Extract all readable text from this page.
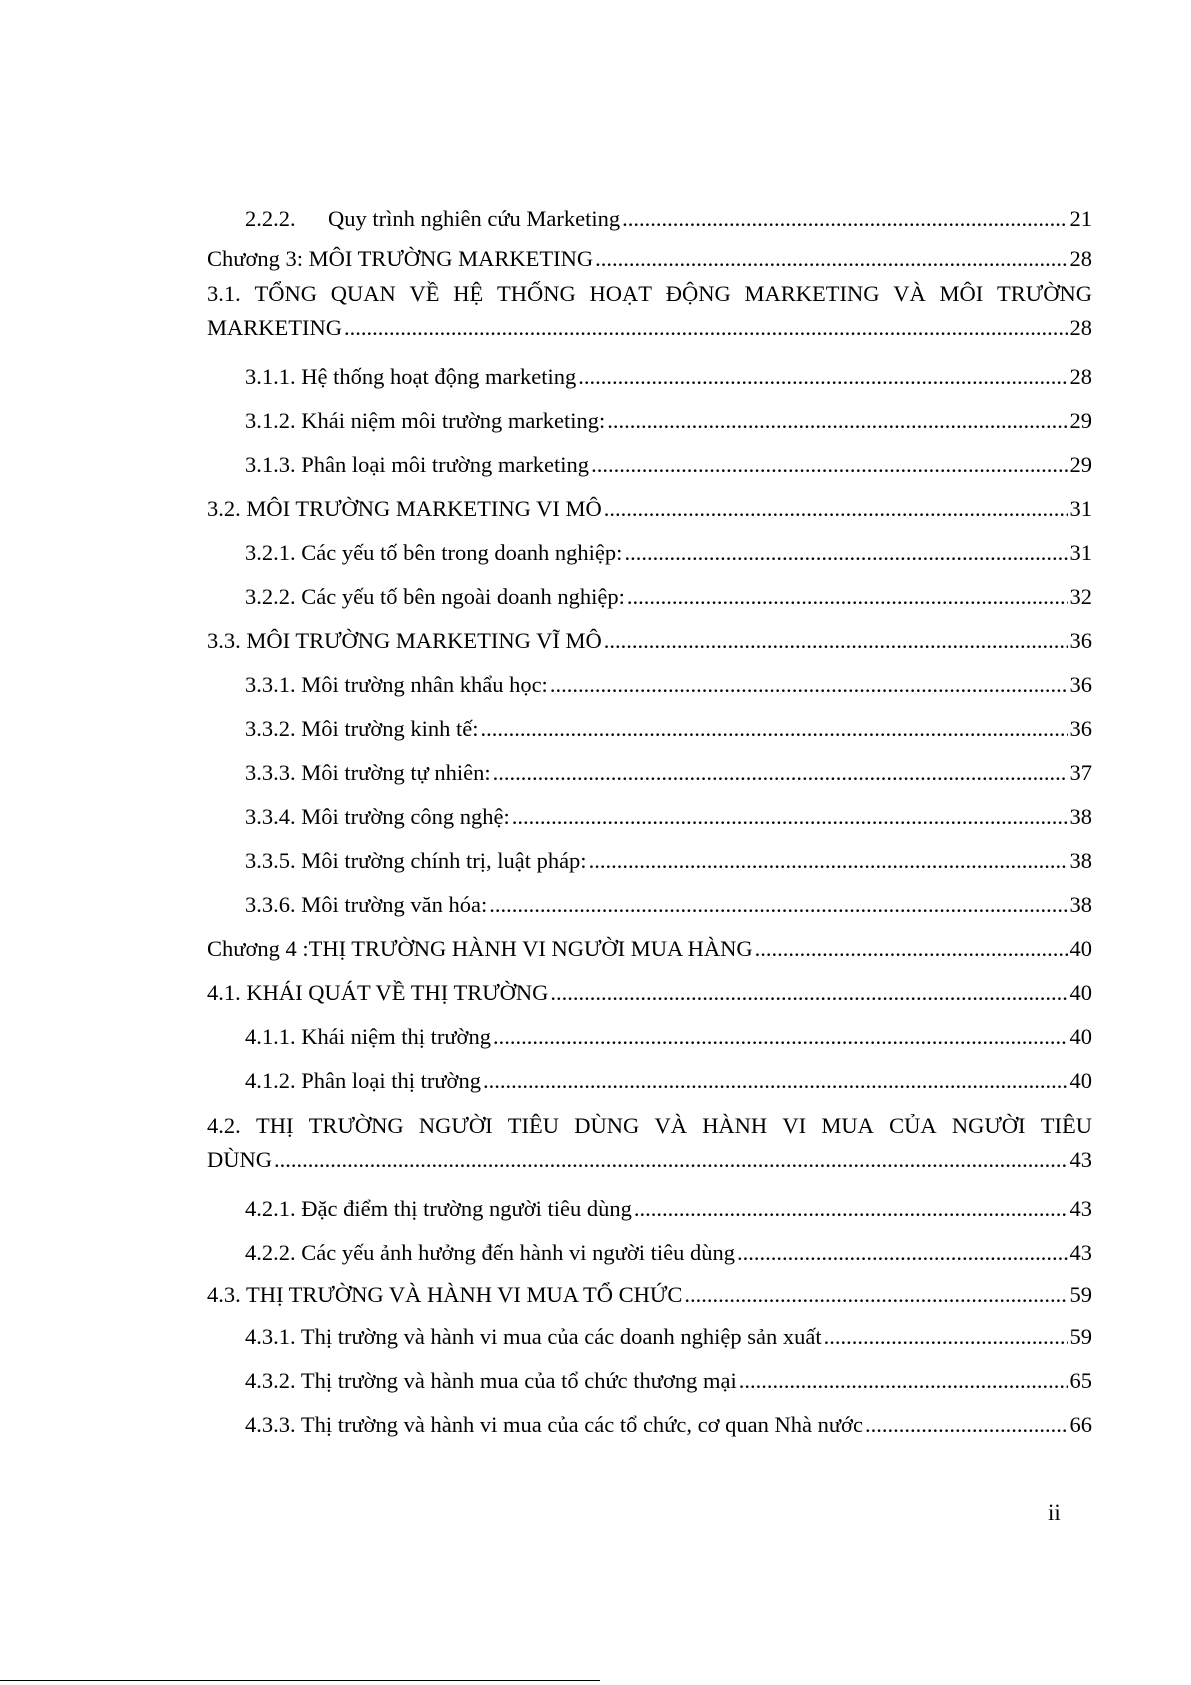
2.2.2. Quy trình nghiên cứu Marketing .....	21
Chương 3: MÔI TRƯỜNG MARKETING .....	28
3.1. TỔNG QUAN VỀ HỆ THỐNG HOẠT ĐỘNG MARKETING VÀ MÔI TRƯỜNG
MARKETING .....	28
3.1.1. Hệ thống hoạt động marketing .....	28
3.1.2. Khái niệm môi trường marketing: .....	29
3.1.3. Phân loại môi trường marketing .....	29
3.2. MÔI TRƯỜNG MARKETING VI MÔ .....	31
3.2.1. Các yếu tố bên trong doanh nghiệp: .....	31
3.2.2. Các yếu tố bên ngoài doanh nghiệp: .....	32
3.3. MÔI TRƯỜNG MARKETING VĨ MÔ .....	36
3.3.1. Môi trường nhân khẩu học: .....	36
3.3.2. Môi trường kinh tế: .....	36
3.3.3. Môi trường tự nhiên: .....	37
3.3.4. Môi trường công nghệ: .....	38
3.3.5. Môi trường chính trị, luật pháp: .....	38
3.3.6. Môi trường văn hóa: .....	38
Chương 4 :THỊ TRƯỜNG HÀNH VI NGƯỜI MUA HÀNG .....	40
4.1. KHÁI QUÁT VỀ THỊ TRƯỜNG .....	40
4.1.1. Khái niệm thị trường .....	40
4.1.2. Phân loại thị trường .....	40
4.2. THỊ TRƯỜNG NGƯỜI TIÊU DÙNG VÀ HÀNH VI MUA CỦA NGƯỜI TIÊU
DÙNG .....	43
4.2.1. Đặc điểm thị trường người tiêu dùng .....	43
4.2.2. Các yếu ảnh hưởng đến hành vi người tiêu dùng .....	43
4.3. THỊ TRƯỜNG VÀ HÀNH VI MUA TỔ CHỨC .....	59
4.3.1. Thị trường và hành vi mua của các doanh nghiệp sản xuất .....	59
4.3.2. Thị trường và hành mua của tổ chức thương mại .....	65
4.3.3. Thị trường và hành vi mua của các tổ chức, cơ quan Nhà nước .....	66
ii
